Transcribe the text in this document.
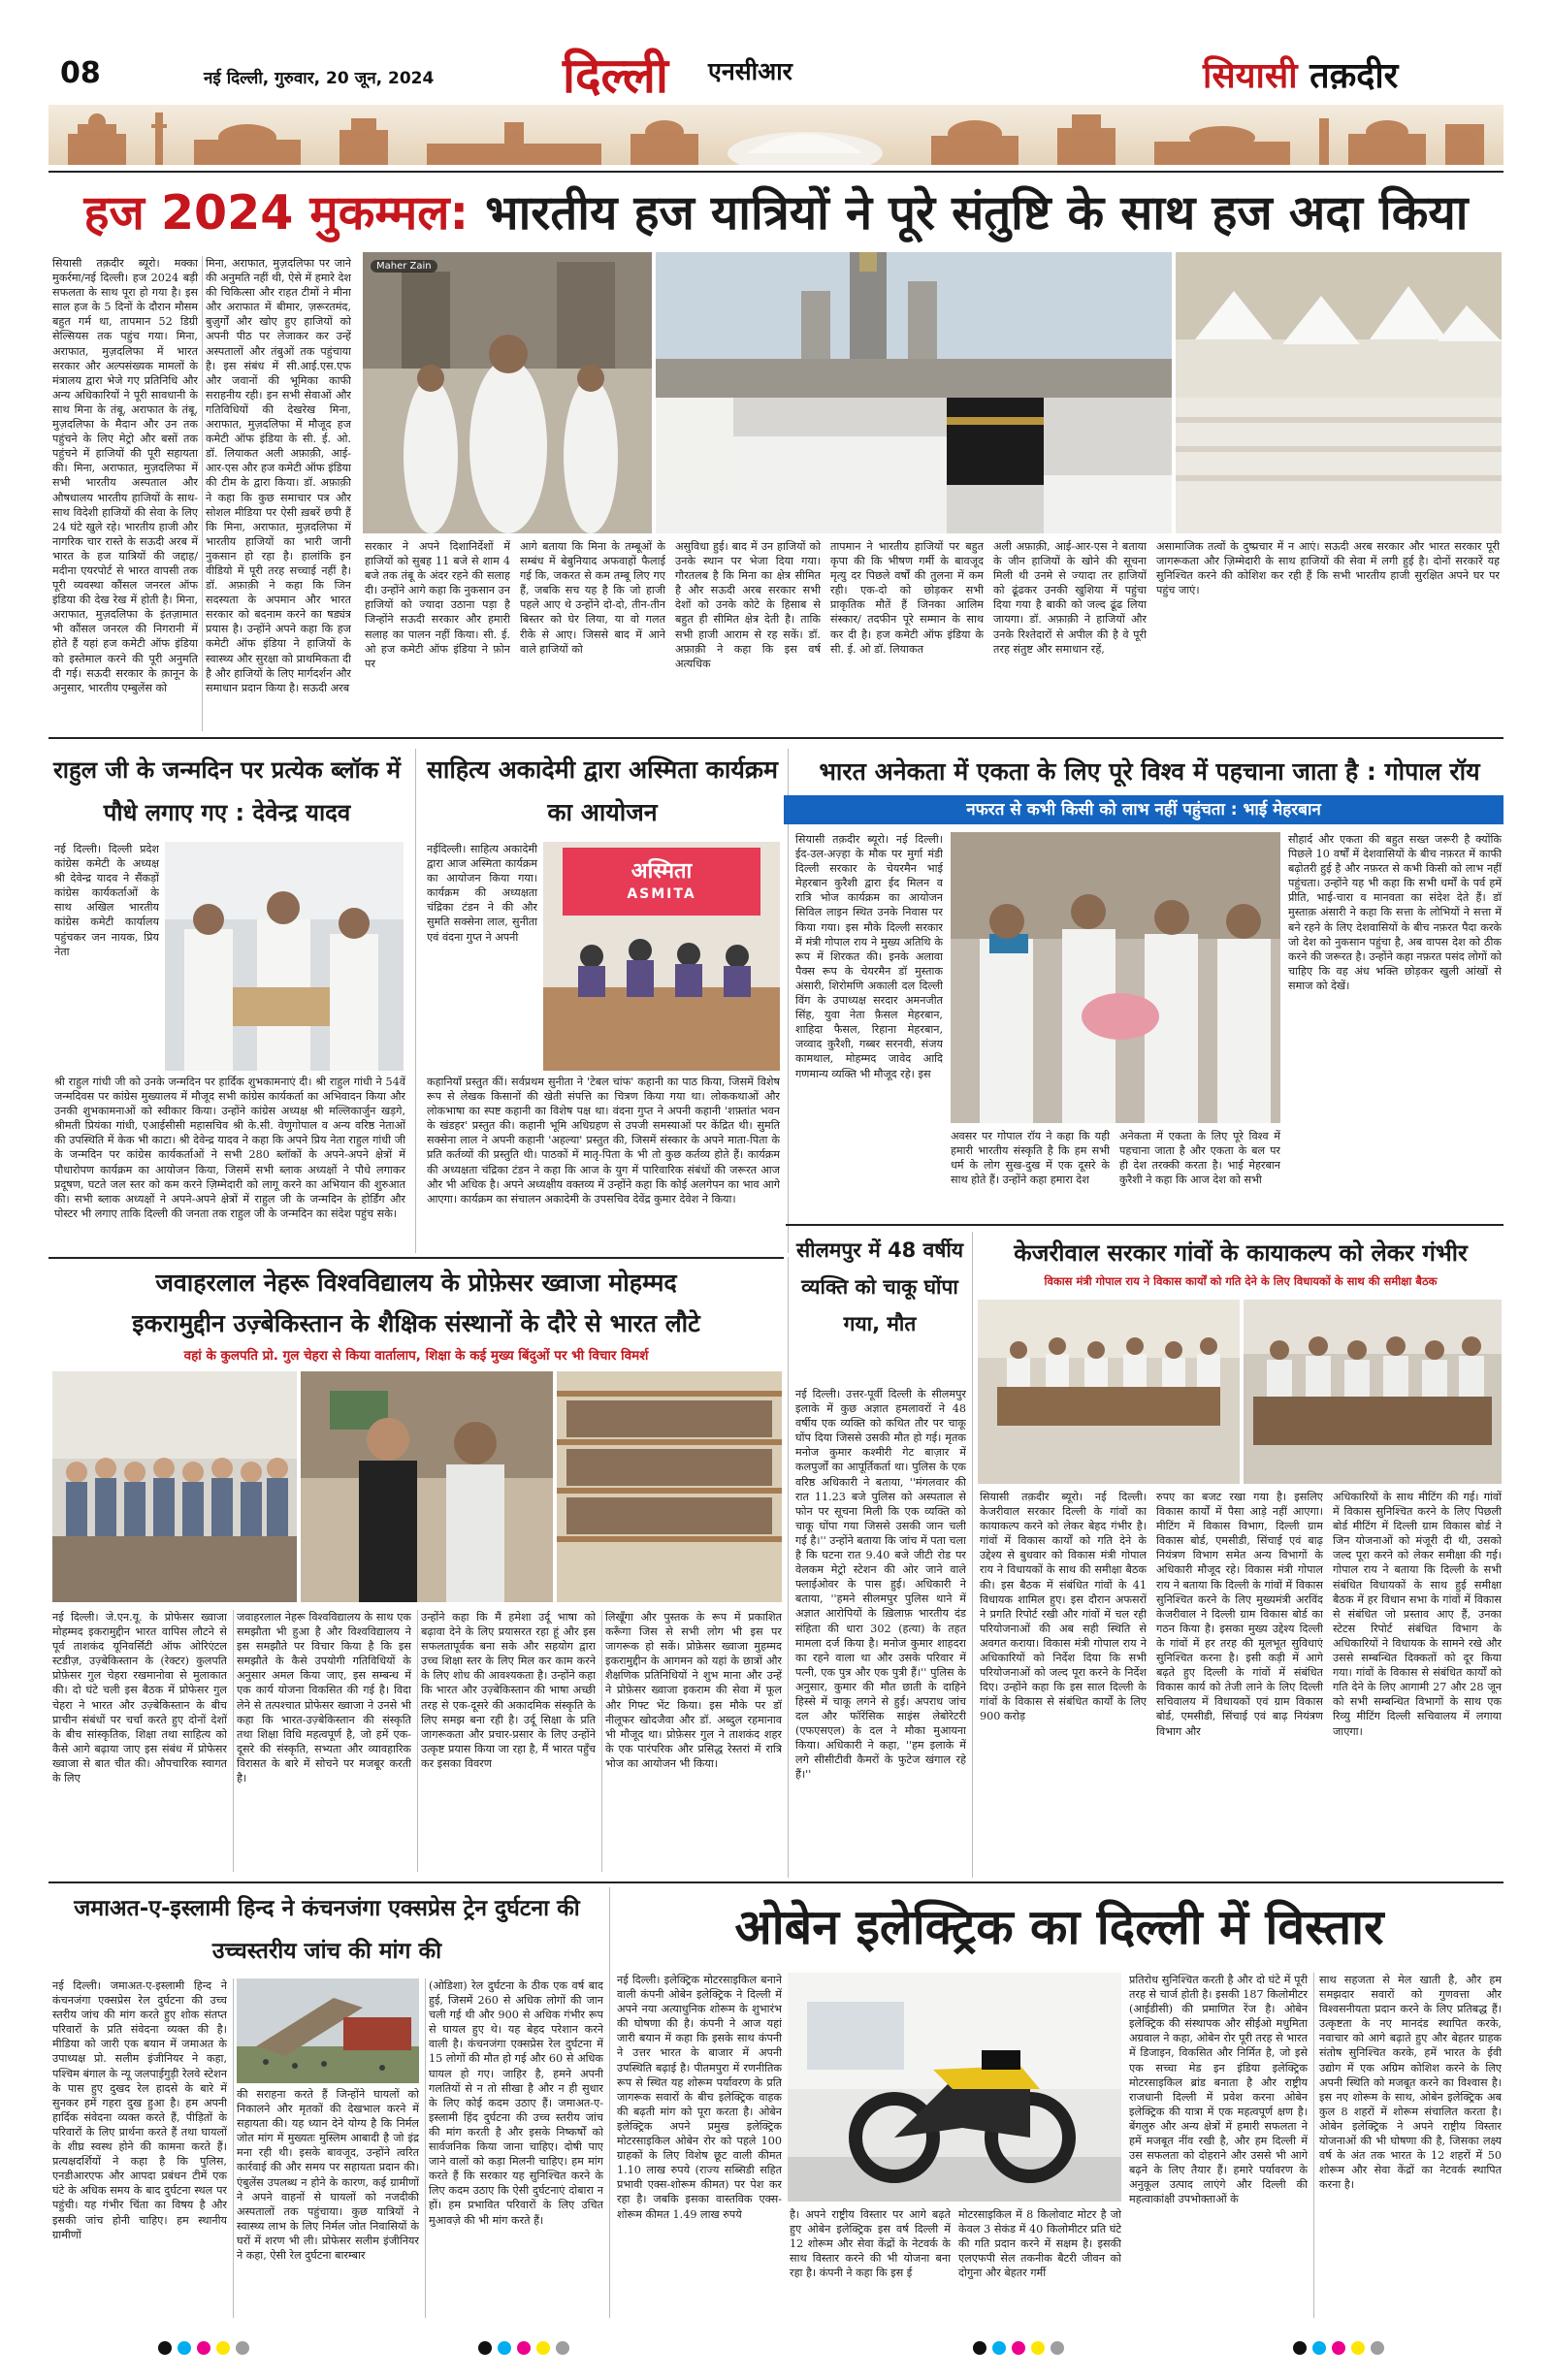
08	नई दिल्ली, गुरुवार, 20 जून, 2024	दिल्ली एनसीआर	सियासी तक़दीर
हज 2024 मुकम्मल: भारतीय हज यात्रियों ने पूरे संतुष्टि के साथ हज अदा किया
सियासी तक़दीर ब्यूरो। मक्का मुकर्रमा/नई दिल्ली। हज 2024 बड़ी सफलता के साथ पूरा हो गया है। इस साल हज के 5 दिनों के दौरान मौसम बहुत गर्म था, तापमान 52 डिग्री सेल्सियस तक पहुंच गया। मिना, अराफात, मुज़दलिफा में भारत सरकार और अल्पसंख्यक मामलों के मंत्रालय द्वारा भेजे गए प्रतिनिधि और अन्य अधिकारियों ने पूरी सावधानी के साथ मिना के तंबू, अराफात के तंबू, मुज़दलिफा के मैदान और उन तक पहुंचने के लिए मेट्रो और बसों तक पहुंचने में हाजियों की पूरी सहायता की। मिना, अराफात, मुज़दलिफा में सभी भारतीय अस्पताल और औषधालय भारतीय हाजियों के साथ-साथ विदेशी हाजियों की सेवा के लिए 24 घंटे खुले रहे। भारतीय हाजी और नागरिक चार रास्ते के सऊदी अरब में भारत के हज यात्रियों की जद्दाह/मदीना एयरपोर्ट से भारत वापसी तक पूरी व्यवस्था कौंसल जनरल ऑफ इंडिया की देख रेख में होती है। मिना, अराफात, मुज़दलिफा के इंतज़ामात भी कौंसल जनरल की निगरानी में होते हैं यहां हज कमेटी ऑफ इंडिया को इस्तेमाल करने की पूरी अनुमति दी गई। सऊदी सरकार के क़ानून के अनुसार, भारतीय एम्बुलेंस को
मिना, अराफात, मुज़दलिफा पर जाने की अनुमति नहीं थी, ऐसे में हमारे देश की चिकित्सा और राहत टीमों ने मीना और अराफात में बीमार, ज़रूरतमंद, बुज़ुर्गों और खोए हुए हाजियों को अपनी पीठ पर लेजाकर कर उन्हें अस्पतालों और तंबुओं तक पहुंचाया है। इस संबंध में सी.आई.एस.एफ और जवानों की भूमिका काफी सराहनीय रही। इन सभी सेवाओं और गतिविधियों की देखरेख मिना, अराफात, मुज़दलिफा में मौजूद हज कमेटी ऑफ इंडिया के सी. ई. ओ. डॉ. लियाकत अली अफ़ाक़ी, आई-आर-एस और हज कमेटी ऑफ इंडिया की टीम के द्वारा किया। डॉ. अफ़ाक़ी ने कहा कि कुछ समाचार पत्र और सोशल मीडिया पर ऐसी ख़बरें छपी हैं कि मिना, अराफात, मुज़दलिफा में भारतीय हाजियों का भारी जानी नुकसान हो रहा है। हालांकि इन वीडियो में पूरी तरह सच्चाई नहीं है। डॉ. अफ़ाक़ी ने कहा कि जिन सदस्यता के अपमान और भारत सरकार को बदनाम करने का षड्यंत्र प्रयास है। उन्होंने अपने कहा कि हज कमेटी ऑफ इंडिया ने हाजियों के स्वास्थ्य और सुरक्षा को प्राथमिकता दी है और हाजियों के लिए मार्गदर्शन और समाधान प्रदान किया है। सऊदी अरब
Maher Zain
सरकार ने अपने दिशानिर्देशों में हाजियों को सुबह 11 बजे से शाम 4 बजे तक तंबू के अंदर रहने की सलाह दी। उन्होंने आगे कहा कि नुकसान उन हाजियों को ज्यादा उठाना पड़ा है जिन्होंने सऊदी सरकार और हमारी सलाह का पालन नहीं किया। सी. ई. ओ हज कमेटी ऑफ इंडिया ने फ़ोन पर
आगे बताया कि मिना के तम्बूओं के सम्बंध में बेबुनियाद अफवाहों फैलाई गई कि, जकरत से कम तम्बू लिए गए हैं, जबकि सच यह है कि जो हाजी पहले आए थे उन्होंने दो-दो, तीन-तीन बिस्तर को घेर लिया, या वो गलत रीके से आए। जिससे बाद में आने वाले हाजियों को
असुविधा हुई। बाद में उन हाजियों को उनके स्थान पर भेजा दिया गया। गौरतलब है कि मिना का क्षेत्र सीमित है और सऊदी अरब सरकार सभी देशों को उनके कोटे के हिसाब से बहुत ही सीमित क्षेत्र देती है। ताकि सभी हाजी आराम से रह सकें। डॉ. अफ़ाक़ी ने कहा कि इस वर्ष अत्यधिक
तापमान ने भारतीय हाजियों पर बहुत कृपा की कि भीषण गर्मी के बावजूद मृत्यु दर पिछले वर्षों की तुलना में कम रही। एक-दो को छोड़कर सभी प्राकृतिक मौतें हैं जिनका आलिम संस्कार/ तदफीन पूरे सम्मान के साथ कर दी है। हज कमेटी ऑफ इंडिया के सी. ई. ओ डॉ. लियाकत
अली अफ़ाक़ी, आई-आर-एस ने बताया के जीन हाजियों के खोने की सूचना मिली थी उनमे से ज्यादा तर हाजियों को ढूंढकर उनकी खुशिया में पहुंचा दिया गया है बाकी को जल्द ढूंढ लिया जायगा। डॉ. अफ़ाक़ी ने हाजियों और उनके रिश्तेदारों से अपील की है वे पूरी तरह संतुष्ट और समाधान रहें,
असामाजिक तत्वों के दुष्प्रचार में न आएं। सऊदी अरब सरकार और भारत सरकार पूरी जागरूकता और ज़िम्मेदारी के साथ हाजियों की सेवा में लगी हुई है। दोनों सरकारें यह सुनिश्चित करने की कोशिश कर रही हैं कि सभी भारतीय हाजी सुरक्षित अपने घर पर पहुंच जाएं।
राहुल जी के जन्मदिन पर प्रत्येक ब्लॉक में पौधे लगाए गए : देवेन्द्र यादव
नई दिल्ली। दिल्ली प्रदेश कांग्रेस कमेटी के अध्यक्ष श्री देवेन्द्र यादव ने सैंकड़ों कांग्रेस कार्यकर्ताओं के साथ अखिल भारतीय कांग्रेस कमेटी कार्यालय पहुंचकर जन नायक, प्रिय नेता
श्री राहुल गांधी जी को उनके जन्मदिन पर हार्दिक शुभकामनाएं दी। श्री राहुल गांधी ने 54वें जन्मदिवस पर कांग्रेस मुख्यालय में मौजूद सभी कांग्रेस कार्यकर्ता का अभिवादन किया और उनकी शुभकामनाओं को स्वीकार किया। उन्होंने कांग्रेस अध्यक्ष श्री मल्लिकार्जुन खड़गे, श्रीमती प्रियंका गांधी, एआईसीसी महासचिव श्री के.सी. वेणुगोपाल व अन्य वरिष्ठ नेताओं की उपस्थिति में केक भी काटा। श्री देवेन्द्र यादव ने कहा कि अपने प्रिय नेता राहुल गांधी जी के जन्मदिन पर कांग्रेस कार्यकर्ताओं ने सभी 280 ब्लॉकों के अपने-अपने क्षेत्रों में पौधारोपण कार्यक्रम का आयोजन किया, जिसमें सभी ब्लाक अध्यक्षों ने पौधे लगाकर प्रदूषण, घटते जल स्तर को कम करने ज़िम्मेदारी को लागू करने का अभियान की शुरुआत की। सभी ब्लाक अध्यक्षों ने अपने-अपने क्षेत्रों में राहुल जी के जन्मदिन के होर्डिंग और पोस्टर भी लगाए ताकि दिल्ली की जनता तक राहुल जी के जन्मदिन का संदेश पहुंच सके।
साहित्य अकादेमी द्वारा अस्मिता कार्यक्रम का आयोजन
नईदिल्ली। साहित्य अकादेमी द्वारा आज अस्मिता कार्यक्रम का आयोजन किया गया। कार्यक्रम की अध्यक्षता चंद्रिका टंडन ने की और सुमति सक्सेना लाल, सुनीता एवं वंदना गुप्त ने अपनी
अस्मिता
ASMITA
कहानियाँ प्रस्तुत कीं। सर्वप्रथम सुनीता ने 'टेबल चांफ' कहानी का पाठ किया, जिसमें विशेष रूप से लेखक किसानों की खेती संपत्ति का चित्रण किया गया था। लोककथाओं और लोकभाषा का स्पष्ट कहानी का विशेष पक्ष था। वंदना गुप्त ने अपनी कहानी 'शफ़्तांत भवन के खंडहर' प्रस्तुत की। कहानी भूमि अधिग्रहण से उपजी समस्याओं पर केंद्रित थी। सुमति सक्सेना लाल ने अपनी कहानी 'अहल्या' प्रस्तुत की, जिसमें संस्कार के अपने माता-पिता के प्रति कर्तव्यों की प्रस्तुति थी। पाठकों में मातृ-पिता के भी तो कुछ कर्तव्य होते हैं। कार्यक्रम की अध्यक्षता चंद्रिका टंडन ने कहा कि आज के युग में पारिवारिक संबंधों की जरूरत आज और भी अधिक है। अपने अध्यक्षीय वक्तव्य में उन्होंने कहा कि कोई अलगेपन का भाव आगे आएगा। कार्यक्रम का संचालन अकादेमी के उपसचिव देवेंद्र कुमार देवेश ने किया।
भारत अनेकता में एकता के लिए पूरे विश्व में पहचाना जाता है : गोपाल रॉय
नफरत से कभी किसी को लाभ नहीं पहुंचता : भाई मेहरबान
सियासी तक़दीर ब्यूरो। नई दिल्ली। ईद-उल-अज़्हा के मौक पर मुर्गा मंडी दिल्ली सरकार के चेयरमैन भाई मेहरबान कुरैशी द्वारा ईद मिलन व रात्रि भोज कार्यक्रम का आयोजन सिविल लाइन स्थित उनके निवास पर किया गया। इस मौके दिल्ली सरकार में मंत्री गोपाल राय ने मुख्य अतिथि के रूप में शिरकत की। इनके अलावा पैक्स रूप के चेयरमैन डॉ मुस्ताक अंसारी, शिरोमणि अकाली दल दिल्ली विंग के उपाध्यक्ष सरदार अमनजीत सिंह, युवा नेता फ़ैसल मेहरबान, शाहिदा फैसल, रिहाना मेहरबान, जव्वाद कुरैशी, गब्बर सरनवी, संजय कामथाल, मोहम्मद जावेद आदि गणमान्य व्यक्ति भी मौजूद रहे। इस
सौहार्द और एकता की बहुत सख्त जरूरी है क्योंकि पिछले 10 वर्षों में देशवासियों के बीच नफ़रत में काफी बढ़ोतरी हुई है और नफ़रत से कभी किसी को लाभ नहीं पहुंचता। उन्होंने यह भी कहा कि सभी धर्मों के पर्व हमें प्रीति, भाई-चारा व मानवता का संदेश देते हैं। डॉ मुस्ताक़ अंसारी ने कहा कि सत्ता के लोभियों ने सत्ता में बने रहने के लिए देशवासियों के बीच नफ़रत पैदा करके जो देश को नुकसान पहुंचा है, अब वापस देश को ठीक करने की जरूरत है। उन्होंने कहा नफ़रत पसंद लोगों को चाहिए कि वह अंध भक्ति छोड़कर खुली आंखों से समाज को देखें।
अवसर पर गोपाल रॉय ने कहा कि यही हमारी भारतीय संस्कृति है कि हम सभी धर्म के लोग सुख-दुख में एक दूसरे के साथ होते हैं। उन्होंने कहा हमारा देश
अनेकता में एकता के लिए पूरे विश्व में पहचाना जाता है और एकता के बल पर ही देश तरक्की करता है। भाई मेहरबान कुरैशी ने कहा कि आज देश को सभी
जवाहरलाल नेहरू विश्वविद्यालय के प्रोफ़ेसर ख्वाजा मोहम्मद
इकरामुद्दीन उज़्बेकिस्तान के शैक्षिक संस्थानों के दौरे से भारत लौटे
वहां के कुलपति प्रो. गुल चेहरा से किया वार्तालाप, शिक्षा के कई मुख्य बिंदुओं पर भी विचार विमर्श
नई दिल्ली। जे.एन.यू. के प्रोफेसर ख्वाजा मोहम्मद इकरामुद्दीन भारत वापिस लौटने से पूर्व ताशकंद यूनिवर्सिटी ऑफ ओरिएंटल स्टडीज़, उज़्बेकिस्तान के (रेक्टर) कुलपति प्रोफ़ेसर गुल चेहरा रखमानोवा से मुलाकात की। दो घंटे चली इस बैठक में प्रोफेसर गुल चेहरा ने भारत और उज़्बेकिस्तान के बीच प्राचीन संबंधों पर चर्चा करते हुए दोनों देशों के बीच सांस्कृतिक, शिक्षा तथा साहित्य को कैसे आगे बढ़ाया जाए इस संबंध में प्रोफेसर ख्वाजा से बात चीत की। औपचारिक स्वागत के लिए
जवाहरलाल नेहरू विश्वविद्यालय के साथ एक समझौता भी हुआ है और विश्वविद्यालय ने इस समझौते पर विचार किया है कि इस समझौते के कैसे उपयोगी गतिविधियों के अनुसार अमल किया जाए, इस सम्बन्ध में एक कार्य योजना विकसित की गई है। विदा लेने से तत्पश्चात प्रोफेसर ख्वाजा ने उनसे भी कहा कि भारत-उज़्बेकिस्तान की संस्कृति तथा शिक्षा विधि महत्वपूर्ण है, जो हमें एक-दूसरे की संस्कृति, सभ्यता और व्यावहारिक विरासत के बारे में सोचने पर मजबूर करती है।
उन्होंने कहा कि मैं हमेशा उर्दू भाषा को बढ़ावा देने के लिए प्रयासरत रहा हूं और इस सफलतापूर्वक बना सके और सहयोग द्वारा उच्च शिक्षा स्तर के लिए मिल कर काम करने के लिए शोध की आवश्यकता है। उन्होंने कहा कि भारत और उज़्बेकिस्तान की भाषा अच्छी तरह से एक-दूसरे की अकादमिक संस्कृति के लिए समझ बना रही है। उर्दू सिक्षा के प्रति जागरूकता और प्रचार-प्रसार के लिए उन्होंने उत्कृष्ट प्रयास किया जा रहा है, मैं भारत पहुँच कर इसका विवरण
लिखूँगा और पुस्तक के रूप में प्रकाशित करूँगा जिस से सभी लोग भी इस पर जागरूक हो सकें। प्रोफ़ेसर ख्वाजा मुहम्मद इकरामुद्दीन के आगमन को यहां के छात्रों और शैक्षणिक प्रतिनिधियों ने शुभ माना और उन्हें ने प्रोफ़ेसर ख्वाजा इकराम की सेवा में फूल और गिफ्ट भेंट किया। इस मौके पर डॉ नीलूफर खोदजैवा और डॉ. अब्दुल रहमानाव भी मौजूद था। प्रोफ़ेसर गुल ने ताशकंद शहर के एक पारंपरिक और प्रसिद्ध रेस्तरां में रात्रि भोज का आयोजन भी किया।
सीलमपुर में 48 वर्षीय व्यक्ति को चाकू घोंपा गया, मौत
नई दिल्ली। उत्तर-पूर्वी दिल्ली के सीलमपुर इलाके में कुछ अज्ञात हमलावरों ने 48 वर्षीय एक व्यक्ति को कथित तौर पर चाकू घोंप दिया जिससे उसकी मौत हो गई। मृतक मनोज कुमार कश्मीरी गेट बाज़ार में कलपुर्जों का आपूर्तिकर्ता था। पुलिस के एक वरिष्ठ अधिकारी ने बताया, ''मंगलवार की रात 11.23 बजे पुलिस को अस्पताल से फोन पर सूचना मिली कि एक व्यक्ति को चाकू घोंपा गया जिससे उसकी जान चली गई है।'' उन्होंने बताया कि जांच में पता चला है कि घटना रात 9.40 बजे जीटी रोड पर वेलकम मेट्रो स्टेशन की ओर जाने वाले फ्लाईओवर के पास हुई। अधिकारी ने बताया, ''हमने सीलमपुर पुलिस थाने में अज्ञात आरोपियों के ख़िलाफ़ भारतीय दंड संहिता की धारा 302 (हत्या) के तहत मामला दर्ज किया है। मनोज कुमार शाहदरा का रहने वाला था और उसके परिवार में पत्नी, एक पुत्र और एक पुत्री हैं।'' पुलिस के अनुसार, कुमार की मौत छाती के दाहिने हिस्से में चाकू लगने से हुई। अपराध जांच दल और फॉरेंसिक साइंस लेबोरेटरी (एफएसएल) के दल ने मौका मुआयना किया। अधिकारी ने कहा, ''हम इलाके में लगे सीसीटीवी कैमरों के फुटेज खंगाल रहे हैं।''
केजरीवाल सरकार गांवों के कायाकल्प को लेकर गंभीर
विकास मंत्री गोपाल राय ने विकास कार्यों को गति देने के लिए विधायकों के साथ की समीक्षा बैठक
सियासी तक़दीर ब्यूरो। नई दिल्ली। केजरीवाल सरकार दिल्ली के गांवों का कायाकल्प करने को लेकर बेहद गंभीर है। गांवों में विकास कार्यों को गति देने के उद्देश्य से बुधवार को विकास मंत्री गोपाल राय ने विधायकों के साथ की समीक्षा बैठक की। इस बैठक में संबंधित गांवों के 41 विधायक शामिल हुए। इस दौरान अफसरों ने प्रगति रिपोर्ट रखी और गांवों में चल रही परियोजनाओं की अब सही स्थिति से अवगत कराया। विकास मंत्री गोपाल राय ने अधिकारियों को निर्देश दिया कि सभी परियोजनाओं को जल्द पूरा करने के निर्देश दिए। उन्होंने कहा कि इस साल दिल्ली के गांवों के विकास से संबंधित कार्यों के लिए 900 करोड़
रुपए का बजट रखा गया है। इसलिए विकास कार्यों में पैसा आड़े नहीं आएगा। मीटिंग में विकास विभाग, दिल्ली ग्राम विकास बोर्ड, एमसीडी, सिंचाई एवं बाढ़ नियंत्रण विभाग समेत अन्य विभागों के अधिकारी मौजूद रहे। विकास मंत्री गोपाल राय ने बताया कि दिल्ली के गांवों में विकास सुनिश्चित करने के लिए मुख्यमंत्री अरविंद केजरीवाल ने दिल्ली ग्राम विकास बोर्ड का गठन किया है। इसका मुख्य उद्देश्य दिल्ली के गांवों में हर तरह की मूलभूत सुविधाएं सुनिश्चित करना है। इसी कड़ी में आगे बढ़ते हुए दिल्ली के गांवों में संबंधित विकास कार्य को तेजी लाने के लिए दिल्ली सचिवालय में विधायकों एवं ग्राम विकास बोर्ड, एमसीडी, सिंचाई एवं बाढ़ नियंत्रण विभाग और
अधिकारियों के साथ मीटिंग की गई। गांवों में विकास सुनिश्चित करने के लिए पिछली बोर्ड मीटिंग में दिल्ली ग्राम विकास बोर्ड ने जिन योजनाओं को मंजूरी दी थी, उसको जल्द पूरा करने को लेकर समीक्षा की गई। गोपाल राय ने बताया कि दिल्ली के सभी संबंधित विधायकों के साथ हुई समीक्षा बैठक में हर विधान सभा के गांवों में विकास से संबंधित जो प्रस्ताव आए हैं, उनका स्टेटस रिपोर्ट संबंधित विभाग के अधिकारियों ने विधायक के सामने रखे और उससे सम्बन्धित दिक्कतों को दूर किया गया। गांवों के विकास से संबंधित कार्यों को गति देने के लिए आगामी 27 और 28 जून को सभी सम्बन्धित विभागों के साथ एक रिव्यु मीटिंग दिल्ली सचिवालय में लगाया जाएगा।
जमाअत-ए-इस्लामी हिन्द ने कंचनजंगा एक्सप्रेस ट्रेन दुर्घटना की उच्चस्तरीय जांच की मांग की
नई दिल्ली। जमाअत-ए-इस्लामी हिन्द ने कंचनजंगा एक्सप्रेस रेल दुर्घटना की उच्च स्तरीय जांच की मांग करते हुए शोक संतप्त परिवारों के प्रति संवेदना व्यक्त की है। मीडिया को जारी एक बयान में जमाअत के उपाध्यक्ष प्रो. सलीम इंजीनियर ने कहा, पश्चिम बंगाल के न्यू जलपाईगुड़ी रेलवे स्टेशन के पास हुए दुखद रेल हादसे के बारे में सुनकर हमें गहरा दुख हुआ है। हम अपनी हार्दिक संवेदना व्यक्त करते हैं, पीड़ितों के परिवारों के लिए प्रार्थना करते हैं तथा घायलों के शीघ्र स्वस्थ होने की कामना करते हैं। प्रत्यक्षदर्शियों ने कहा है कि पुलिस, एनडीआरएफ और आपदा प्रबंधन टीमें एक घंटे के अधिक समय के बाद दुर्घटना स्थल पर पहुंची। यह गंभीर चिंता का विषय है और इसकी जांच होनी चाहिए। हम स्थानीय ग्रामीणों
की सराहना करते हैं जिन्होंने घायलों को निकालने और मृतकों की देखभाल करने में सहायता की। यह ध्यान देने योग्य है कि निर्मल जोत मांग में मुख्यतः मुस्लिम आबादी है जो इंद्र मना रही थी। इसके बावजूद, उन्होंने त्वरित कार्रवाई की और समय पर सहायता प्रदान की। एंबुलेंस उपलब्ध न होने के कारण, कई ग्रामीणों ने अपने वाहनों से घायलों को नजदीकी अस्पतालों तक पहुंचाया। कुछ यात्रियों ने स्वास्थ्य लाभ के लिए निर्मल जोत निवासियों के घरों में शरण भी ली। प्रोफेसर सलीम इंजीनियर ने कहा, ऐसी रेल दुर्घटना बारम्बार
(ओडिशा) रेल दुर्घटना के ठीक एक वर्ष बाद हुई, जिसमें 260 से अधिक लोगों की जान चली गई थी और 900 से अधिक गंभीर रूप से घायल हुए थे। यह बेहद परेशान करने वाली है। कंचनजंगा एक्सप्रेस रेल दुर्घटना में 15 लोगों की मौत हो गई और 60 से अधिक घायल हो गए। जाहिर है, हमने अपनी गलतियों से न तो सीखा है और न ही सुधार के लिए कोई कदम उठाए हैं। जमाअत-ए-इस्लामी हिंद दुर्घटना की उच्च स्तरीय जांच की मांग करती है और इसके निष्कर्षों को सार्वजनिक किया जाना चाहिए। दोषी पाए जाने वालों को कड़ा मिलनी चाहिए। हम मांग करते हैं कि सरकार यह सुनिश्चित करने के लिए कदम उठाए कि ऐसी दुर्घटनाएं दोबारा न हों। हम प्रभावित परिवारों के लिए उचित मुआवज़े की भी मांग करते हैं।
ओबेन इलेक्ट्रिक का दिल्ली में विस्तार
नई दिल्ली। इलेक्ट्रिक मोटरसाइकिल बनाने वाली कंपनी ओबेन इलेक्ट्रिक ने दिल्ली में अपने नया अत्याधुनिक शोरूम के शुभारंभ की घोषणा की है। कंपनी ने आज यहां जारी बयान में कहा कि इसके साथ कंपनी ने उत्तर भारत के बाजार में अपनी उपस्थिति बढ़ाई है। पीतमपुरा में रणनीतिक रूप से स्थित यह शोरूम पर्यावरण के प्रति जागरूक सवारों के बीच इलेक्ट्रिक वाहक की बढ़ती मांग को पूरा करता है। ओबेन इलेक्ट्रिक अपने प्रमुख इलेक्ट्रिक मोटरसाइकिल ओबेन रोर को पहले 100 ग्राहकों के लिए विशेष छूट वाली कीमत 1.10 लाख रुपये (राज्य सब्सिडी सहित प्रभावी एक्स-शोरूम कीमत) पर पेश कर रहा है। जबकि इसका वास्तविक एक्स-शोरूम कीमत 1.49 लाख रुपये	है। अपने राष्ट्रीय विस्तार पर आगे बढ़ते हुए ओबेन इलेक्ट्रिक इस वर्ष दिल्ली में 12 शोरूम और सेवा केंद्रों के नेटवर्क के साथ विस्तार करने की भी योजना बना रहा है। कंपनी ने कहा कि इस ई
मोटरसाइकिल में 8 किलोवाट मोटर है जो केवल 3 सेकंड में 40 किलोमीटर प्रति घंटे की गति प्रदान करने में सक्षम है। इसकी एलएफपी सेल तकनीक बैटरी जीवन को दोगुना और बेहतर गर्मी
प्रतिरोध सुनिश्चित करती है और दो घंटे में पूरी तरह से चार्ज होती है। इसकी 187 किलोमीटर (आईडीसी) की प्रमाणित रेंज है। ओबेन इलेक्ट्रिक की संस्थापक और सीईओ मधुमिता अग्रवाल ने कहा, ओबेन रोर पूरी तरह से भारत में डिजाइन, विकसित और निर्मित है, जो इसे एक सच्चा मेड इन इंडिया इलेक्ट्रिक मोटरसाइकिल ब्रांड बनाता है और राष्ट्रीय राजधानी दिल्ली में प्रवेश करना ओबेन इलेक्ट्रिक की यात्रा में एक महत्वपूर्ण क्षण है। बेंगलुरु और अन्य क्षेत्रों में हमारी सफलता ने हमें मजबूत नींव रखी है, और हम दिल्ली में उस सफलता को दोहराने और उससे भी आगे बढ़ने के लिए तैयार हैं। हमारे पर्यावरण के अनुकूल उत्पाद लाएंगे और दिल्ली की महत्वाकांक्षी उपभोक्ताओं के
साथ सहजता से मेल खाती है, और हम समझदार सवारों को गुणवत्ता और विश्वसनीयता प्रदान करने के लिए प्रतिबद्ध हैं। उत्कृष्टता के नए मानदंड स्थापित करके, नवाचार को आगे बढ़ाते हुए और बेहतर ग्राहक संतोष सुनिश्चित करके, हमें भारत के ईवी उद्योग में एक अग्रिम कोशिश करने के लिए अपनी स्थिति को मजबूत करने का विश्वास है। इस नए शोरूम के साथ, ओबेन इलेक्ट्रिक अब कुल 8 शहरों में शोरूम संचालित करता है। ओबेन इलेक्ट्रिक ने अपने राष्ट्रीय विस्तार योजनाओं की भी घोषणा की है, जिसका लक्ष्य वर्ष के अंत तक भारत के 12 शहरों में 50 शोरूम और सेवा केंद्रों का नेटवर्क स्थापित करना है।
